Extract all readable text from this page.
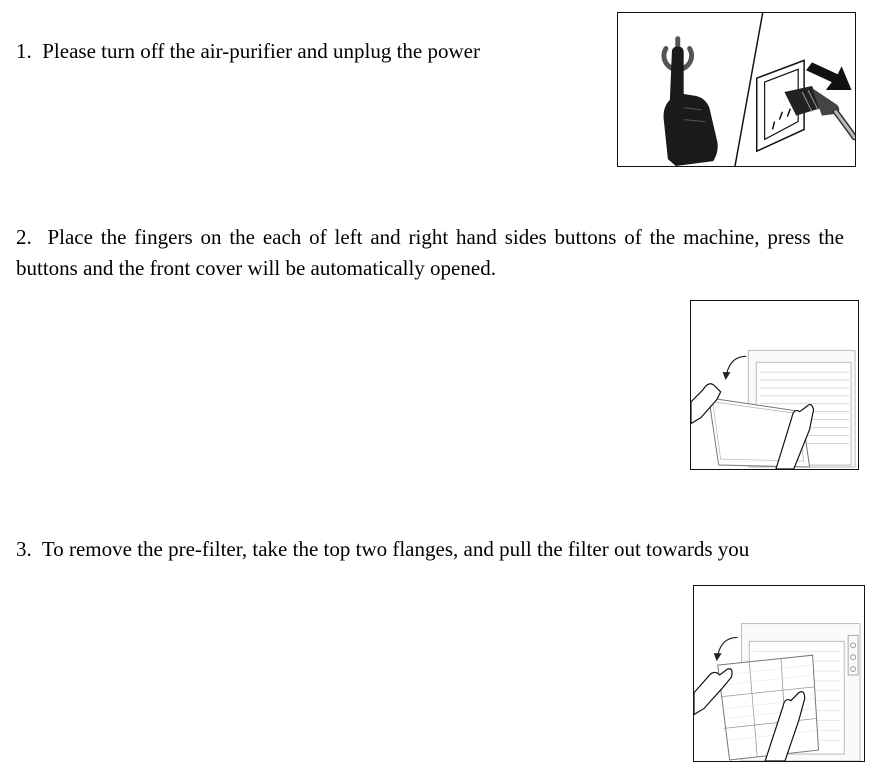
1. Please turn off the air-purifier and unplug the power

2. Place the fingers on the each of left and right hand sides buttons of the machine, press the buttons and the front cover will be automatically opened.

3. To remove the pre-filter, take the top two flanges, and pull the filter out towards you
